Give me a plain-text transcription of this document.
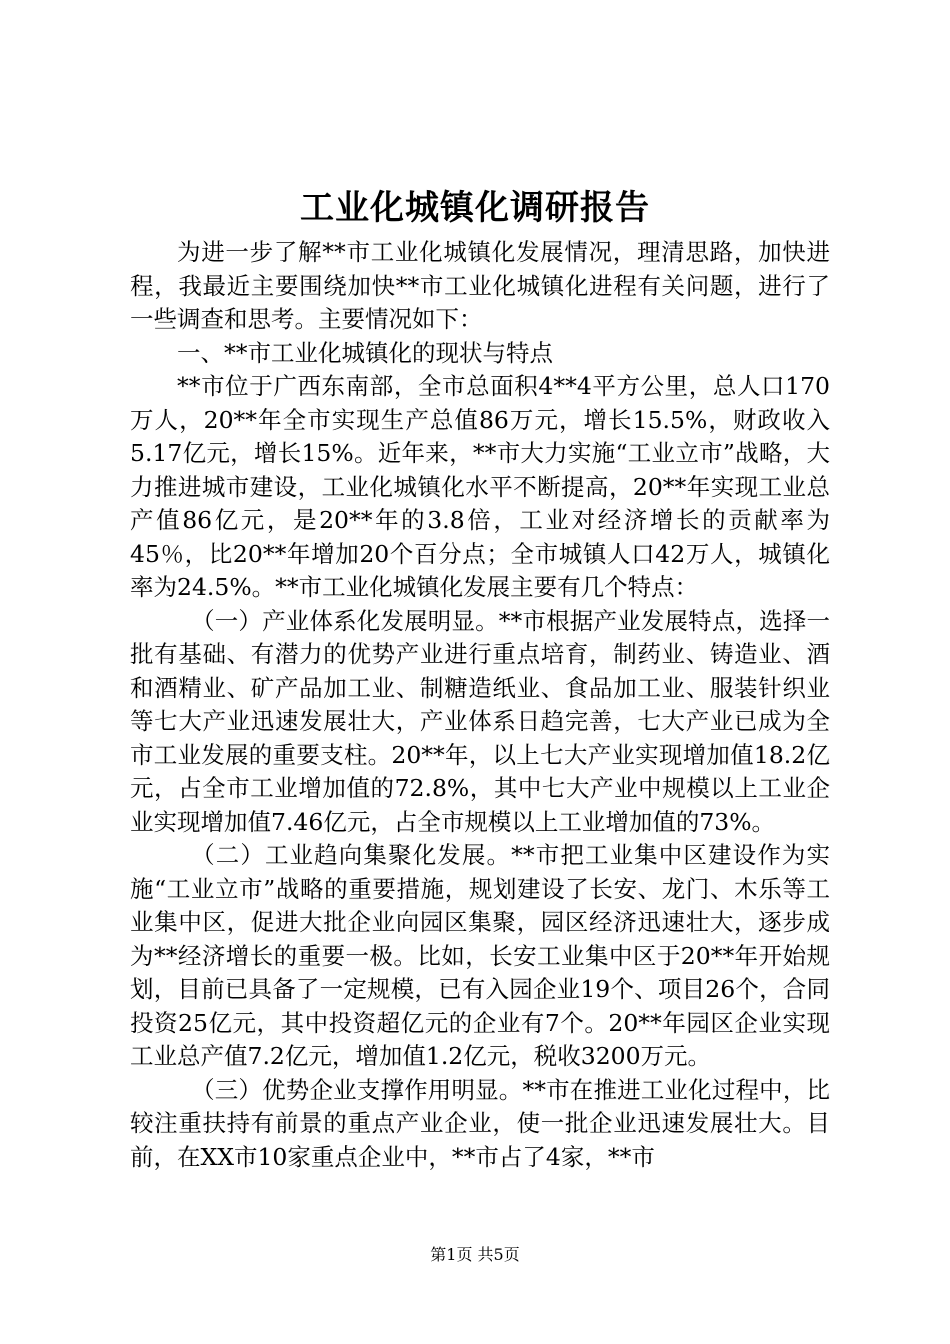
工业化城镇化调研报告

为进一步了解**市工业化城镇化发展情况，理清思路，加快进程，我最近主要围绕加快**市工业化城镇化进程有关问题，进行了一些调查和思考。主要情况如下：

一、**市工业化城镇化的现状与特点

**市位于广西东南部，全市总面积4**4平方公里，总人口170万人，20**年全市实现生产总值86万元，增长15.5%，财政收入5.17亿元，增长15%。近年来，**市大力实施“工业立市”战略，大力推进城市建设，工业化城镇化水平不断提高，20**年实现工业总产值86亿元，是20**年的3.8倍，工业对经济增长的贡献率为45％，比20**年增加20个百分点；全市城镇人口42万人，城镇化率为24.5%。**市工业化城镇化发展主要有几个特点：

（一）产业体系化发展明显。**市根据产业发展特点，选择一批有基础、有潜力的优势产业进行重点培育，制药业、铸造业、酒和酒精业、矿产品加工业、制糖造纸业、食品加工业、服装针织业等七大产业迅速发展壮大，产业体系日趋完善，七大产业已成为全市工业发展的重要支柱。20**年，以上七大产业实现增加值18.2亿元，占全市工业增加值的72.8%，其中七大产业中规模以上工业企业实现增加值7.46亿元，占全市规模以上工业增加值的73%。

（二）工业趋向集聚化发展。**市把工业集中区建设作为实施“工业立市”战略的重要措施，规划建设了长安、龙门、木乐等工业集中区，促进大批企业向园区集聚，园区经济迅速壮大，逐步成为**经济增长的重要一极。比如，长安工业集中区于20**年开始规划，目前已具备了一定规模，已有入园企业19个、项目26个，合同投资25亿元，其中投资超亿元的企业有7个。20**年园区企业实现工业总产值7.2亿元，增加值1.2亿元，税收3200万元。

（三）优势企业支撑作用明显。**市在推进工业化过程中，比较注重扶持有前景的重点产业企业，使一批企业迅速发展壮大。目前，在XX市10家重点企业中，**市占了4家，**市

第1页 共5页
